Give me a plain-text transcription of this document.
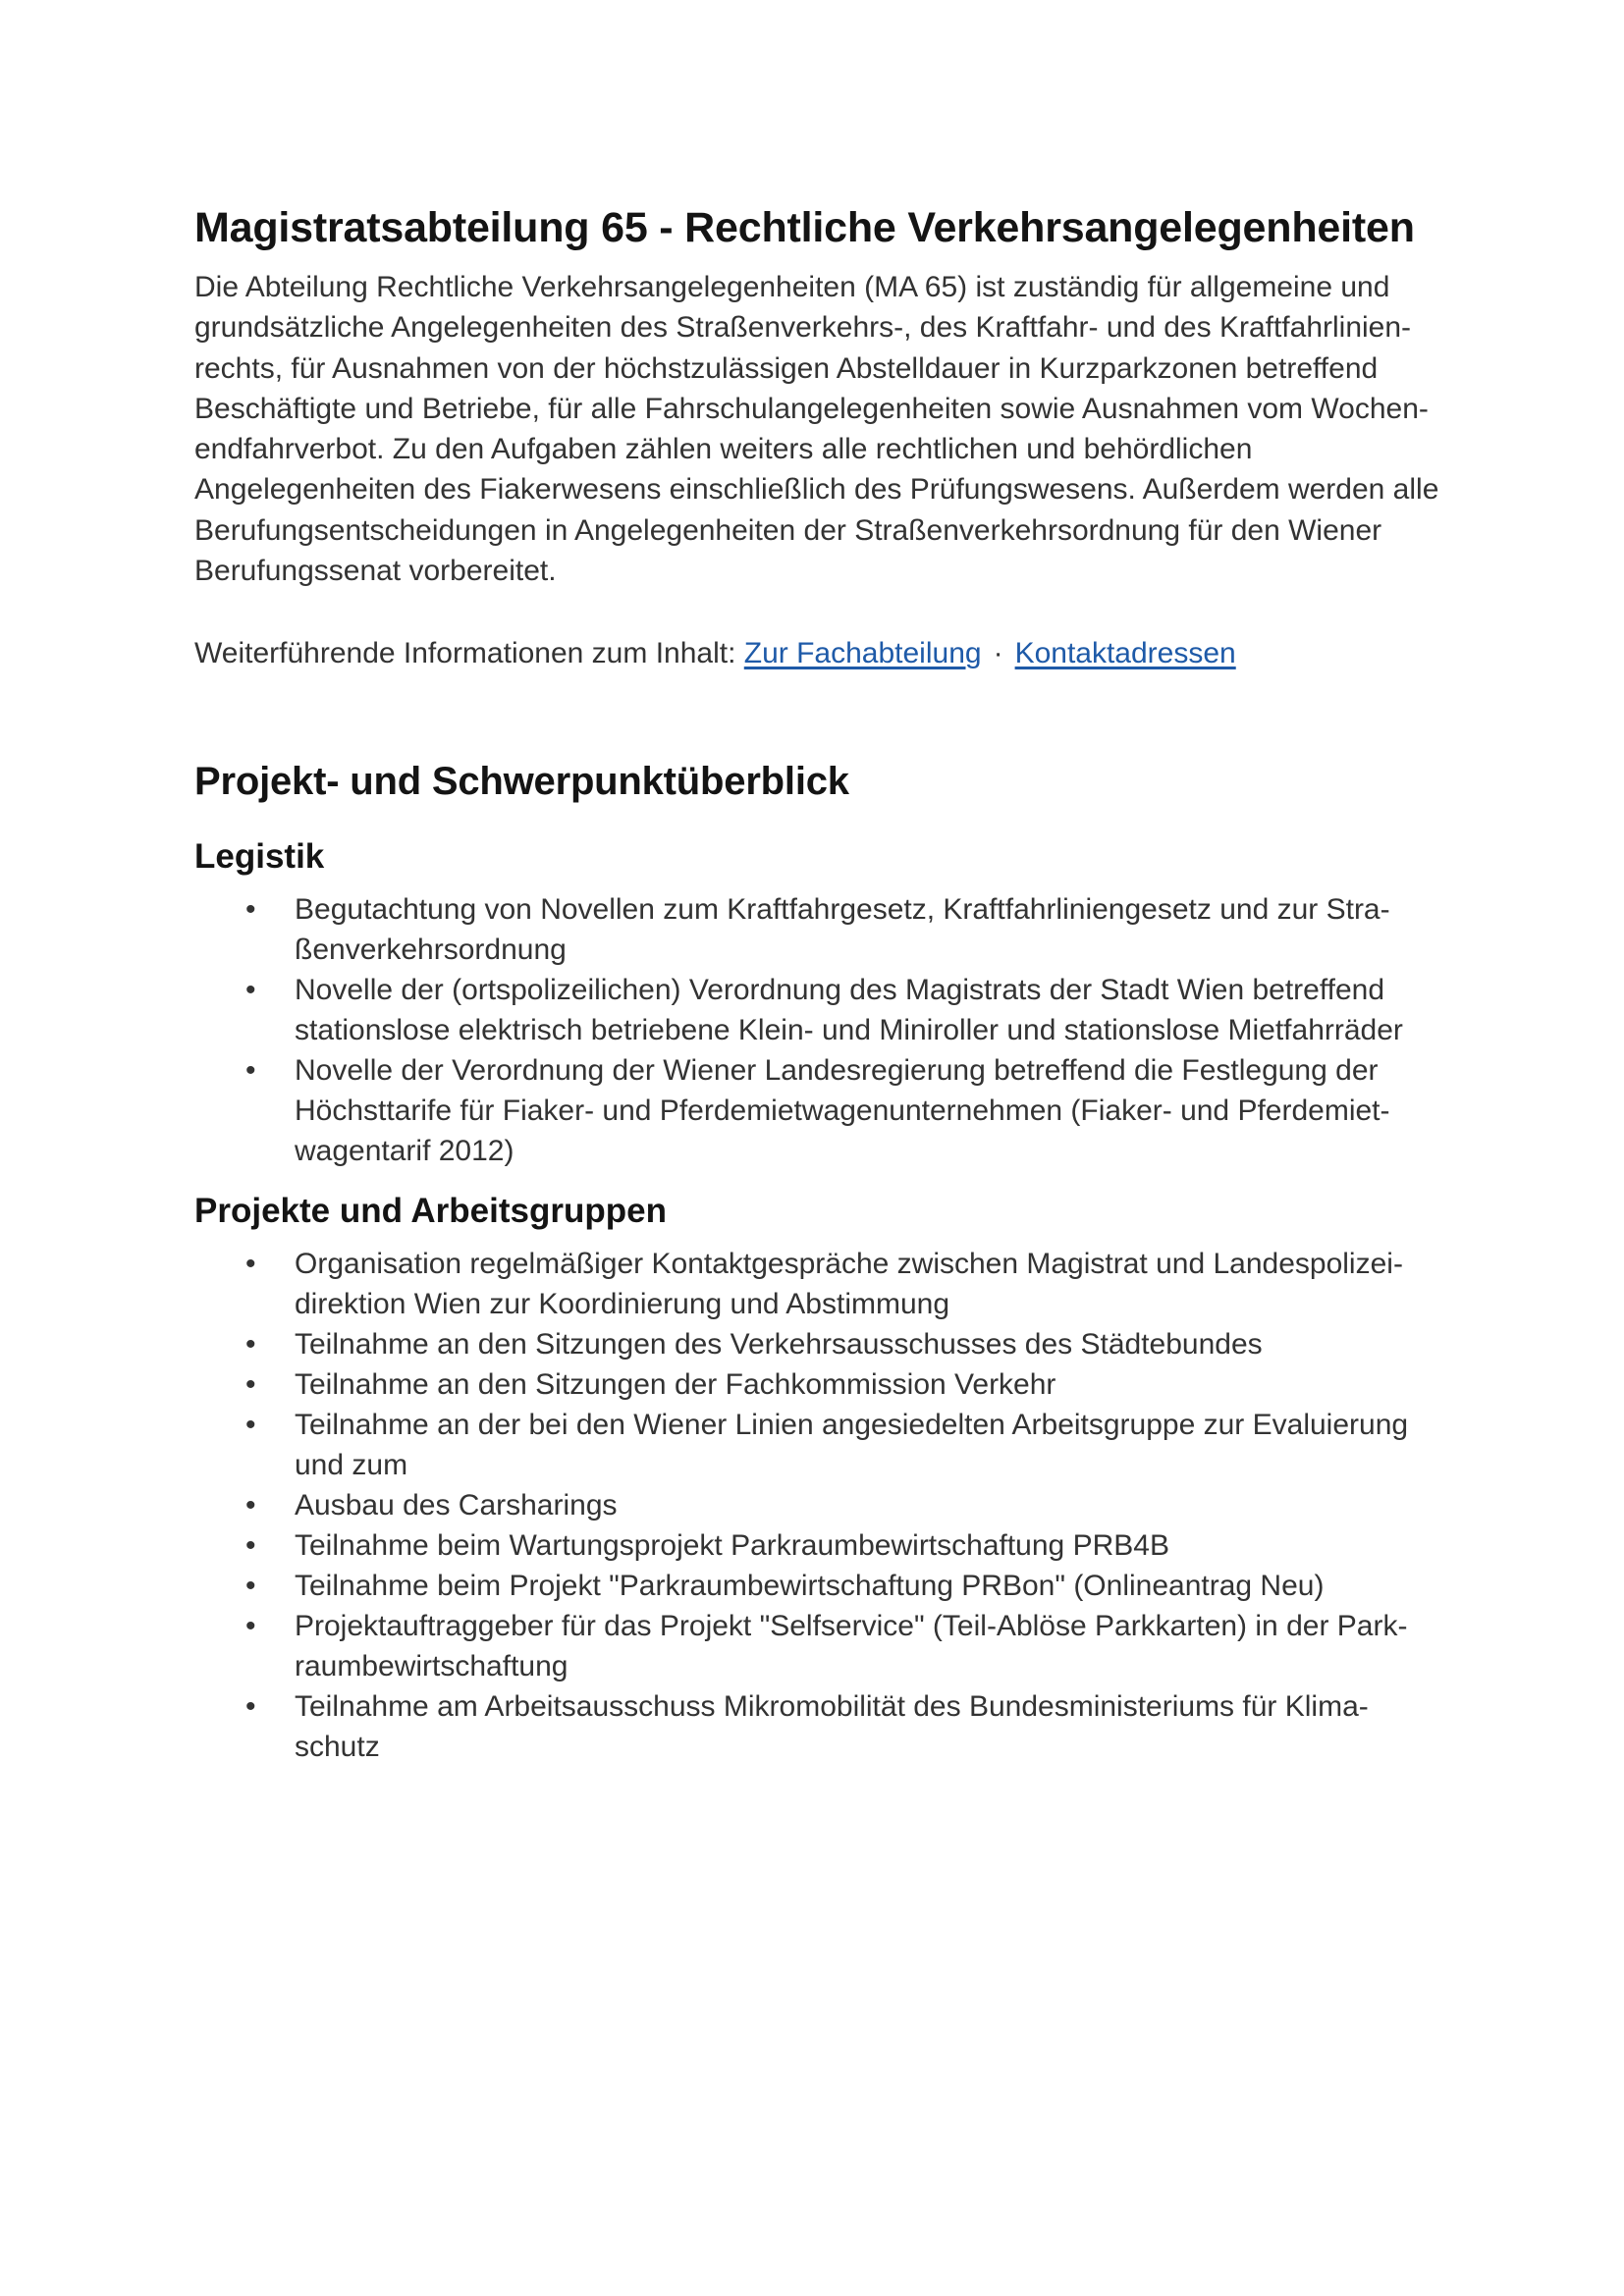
Magistratsabteilung 65 - Rechtliche Verkehrsangelegenheiten

Die Abteilung Rechtliche Verkehrsangelegenheiten (MA 65) ist zuständig für allgemeine und
grundsätzliche Angelegenheiten des Straßenverkehrs-, des Kraftfahr- und des Kraftfahrlinien-
rechts, für Ausnahmen von der höchstzulässigen Abstelldauer in Kurzparkzonen betreffend
Beschäftigte und Betriebe, für alle Fahrschulangelegenheiten sowie Ausnahmen vom Wochen-
endfahrverbot. Zu den Aufgaben zählen weiters alle rechtlichen und behördlichen
Angelegenheiten des Fiakerwesens einschließlich des Prüfungswesens. Außerdem werden alle
Berufungsentscheidungen in Angelegenheiten der Straßenverkehrsordnung für den Wiener
Berufungssenat vorbereitet.

Weiterführende Informationen zum Inhalt: Zur Fachabteilung · Kontaktadressen
Projekt- und Schwerpunktüberblick
Legistik
• Begutachtung von Novellen zum Kraftfahrgesetz, Kraftfahrliniengesetz und zur Stra-
ßenverkehrsordnung
• Novelle der (ortspolizeilichen) Verordnung des Magistrats der Stadt Wien betreffend
stationslose elektrisch betriebene Klein- und Miniroller und stationslose Mietfahrräder
• Novelle der Verordnung der Wiener Landesregierung betreffend die Festlegung der
Höchsttarife für Fiaker- und Pferdemietwagenunternehmen (Fiaker- und Pferdemiet-
wagentarif 2012)
Projekte und Arbeitsgruppen
• Organisation regelmäßiger Kontaktgespräche zwischen Magistrat und Landespolizei-
direktion Wien zur Koordinierung und Abstimmung
• Teilnahme an den Sitzungen des Verkehrsausschusses des Städtebundes
• Teilnahme an den Sitzungen der Fachkommission Verkehr
• Teilnahme an der bei den Wiener Linien angesiedelten Arbeitsgruppe zur Evaluierung
und zum
• Ausbau des Carsharings
• Teilnahme beim Wartungsprojekt Parkraumbewirtschaftung PRB4B
• Teilnahme beim Projekt "Parkraumbewirtschaftung PRBon" (Onlineantrag Neu)
• Projektauftraggeber für das Projekt "Selfservice" (Teil-Ablöse Parkkarten) in der Park-
raumbewirtschaftung
• Teilnahme am Arbeitsausschuss Mikromobilität des Bundesministeriums für Klima-
schutz
